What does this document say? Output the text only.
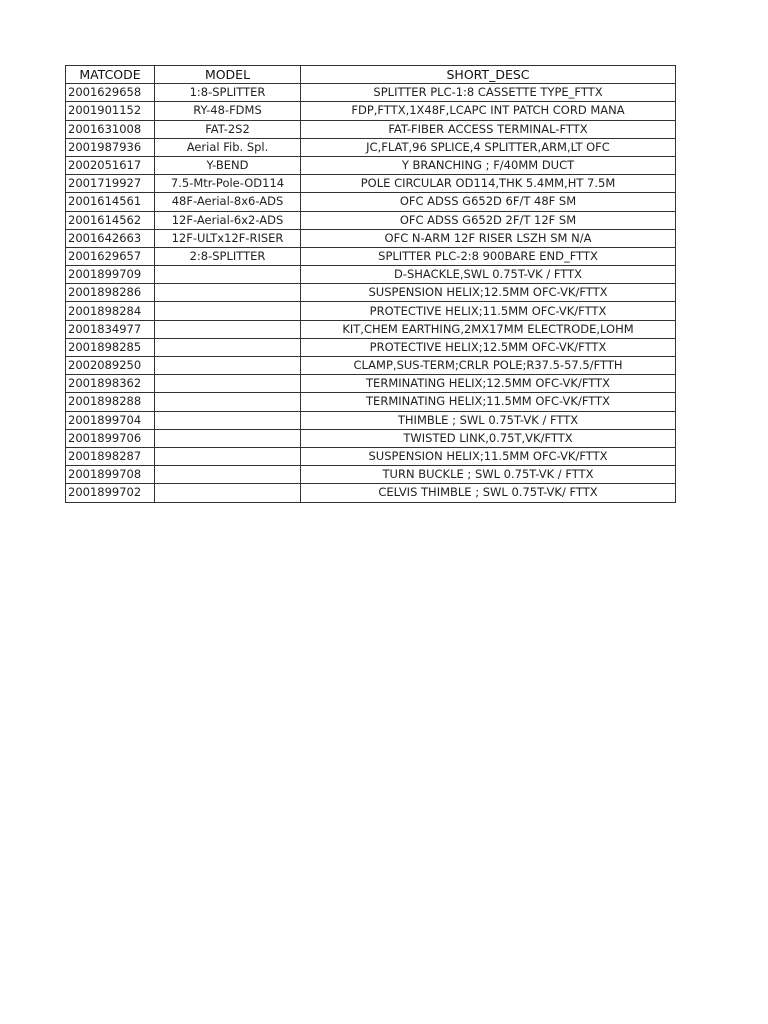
MATCODE	MODEL	SHORT_DESC
2001629658	1:8-SPLITTER	SPLITTER PLC-1:8 CASSETTE TYPE_FTTX
2001901152	RY-48-FDMS	FDP,FTTX,1X48F,LCAPC INT PATCH CORD MANA
2001631008	FAT-2S2	FAT-FIBER ACCESS TERMINAL-FTTX
2001987936	Aerial Fib. Spl.	JC,FLAT,96 SPLICE,4 SPLITTER,ARM,LT OFC
2002051617	Y-BEND	Y BRANCHING ; F/40MM DUCT
2001719927	7.5-Mtr-Pole-OD114	POLE CIRCULAR OD114,THK 5.4MM,HT 7.5M
2001614561	48F-Aerial-8x6-ADS	OFC ADSS G652D 6F/T 48F SM
2001614562	12F-Aerial-6x2-ADS	OFC ADSS G652D 2F/T 12F SM
2001642663	12F-ULTx12F-RISER	OFC N-ARM 12F RISER LSZH SM N/A
2001629657	2:8-SPLITTER	SPLITTER PLC-2:8 900BARE END_FTTX
2001899709		D-SHACKLE,SWL 0.75T-VK / FTTX
2001898286		SUSPENSION HELIX;12.5MM OFC-VK/FTTX
2001898284		PROTECTIVE HELIX;11.5MM OFC-VK/FTTX
2001834977		KIT,CHEM EARTHING,2MX17MM ELECTRODE,LOHM
2001898285		PROTECTIVE HELIX;12.5MM OFC-VK/FTTX
2002089250		CLAMP,SUS-TERM;CRLR POLE;R37.5-57.5/FTTH
2001898362		TERMINATING HELIX;12.5MM OFC-VK/FTTX
2001898288		TERMINATING HELIX;11.5MM OFC-VK/FTTX
2001899704		THIMBLE ; SWL 0.75T-VK / FTTX
2001899706		TWISTED LINK,0.75T,VK/FTTX
2001898287		SUSPENSION HELIX;11.5MM OFC-VK/FTTX
2001899708		TURN BUCKLE ; SWL 0.75T-VK / FTTX
2001899702		CELVIS THIMBLE ; SWL 0.75T-VK/ FTTX
